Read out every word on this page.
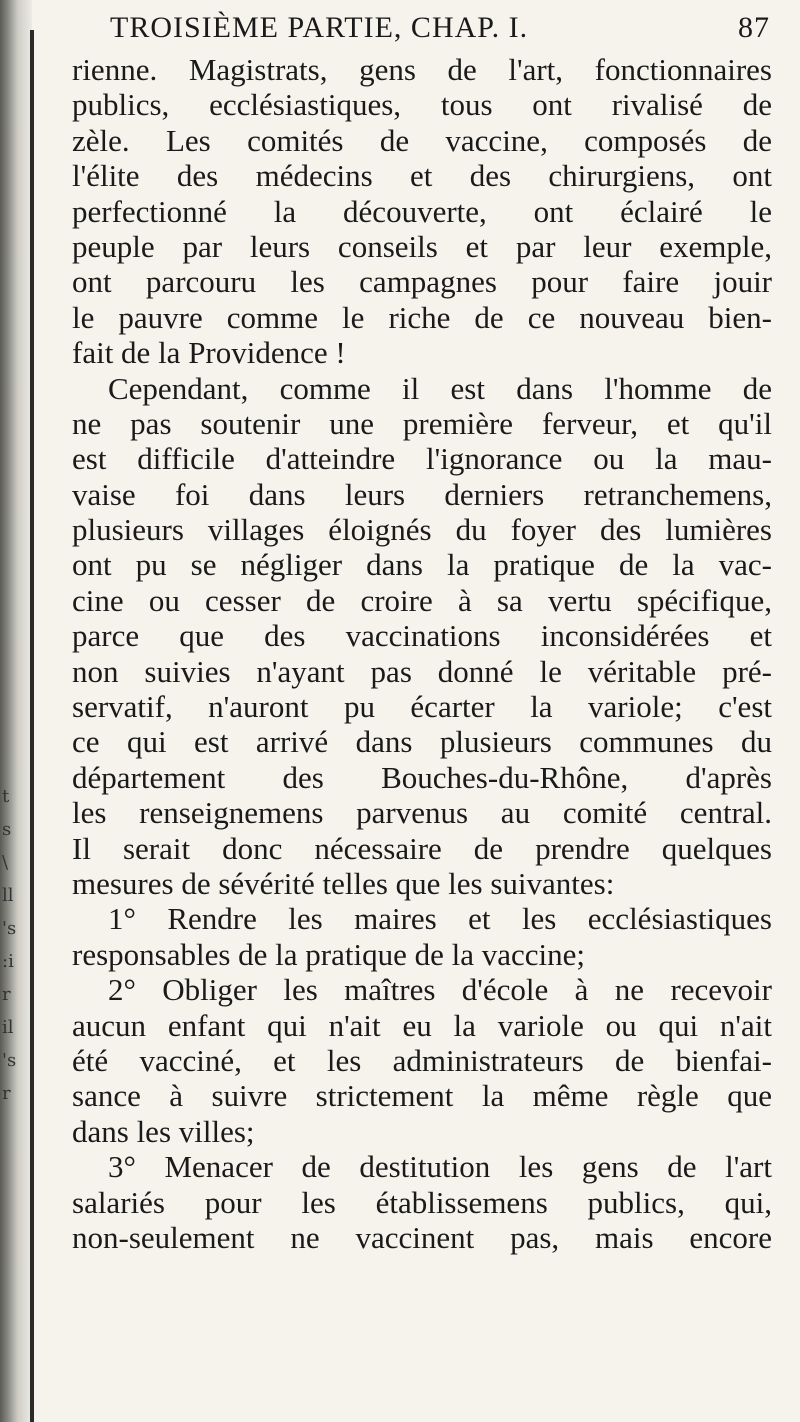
t
s
\
ll
's
:i
r
il
's
r
TROISIÈME PARTIE, CHAP. I.	87
rienne. Magistrats, gens de l'art, fonctionnaires
publics, ecclésiastiques, tous ont rivalisé de
zèle. Les comités de vaccine, composés de
l'élite des médecins et des chirurgiens, ont
perfectionné la découverte, ont éclairé le
peuple par leurs conseils et par leur exemple,
ont parcouru les campagnes pour faire jouir
le pauvre comme le riche de ce nouveau bien-
fait de la Providence !
Cependant, comme il est dans l'homme de
ne pas soutenir une première ferveur, et qu'il
est difficile d'atteindre l'ignorance ou la mau-
vaise foi dans leurs derniers retranchemens,
plusieurs villages éloignés du foyer des lumières
ont pu se négliger dans la pratique de la vac-
cine ou cesser de croire à sa vertu spécifique,
parce que des vaccinations inconsidérées et
non suivies n'ayant pas donné le véritable pré-
servatif, n'auront pu écarter la variole; c'est
ce qui est arrivé dans plusieurs communes du
département des Bouches-du-Rhône, d'après
les renseignemens parvenus au comité central.
Il serait donc nécessaire de prendre quelques
mesures de sévérité telles que les suivantes:
1° Rendre les maires et les ecclésiastiques
responsables de la pratique de la vaccine;
2° Obliger les maîtres d'école à ne recevoir
aucun enfant qui n'ait eu la variole ou qui n'ait
été vacciné, et les administrateurs de bienfai-
sance à suivre strictement la même règle que
dans les villes;
3° Menacer de destitution les gens de l'art
salariés pour les établissemens publics, qui,
non-seulement ne vaccinent pas, mais encore
